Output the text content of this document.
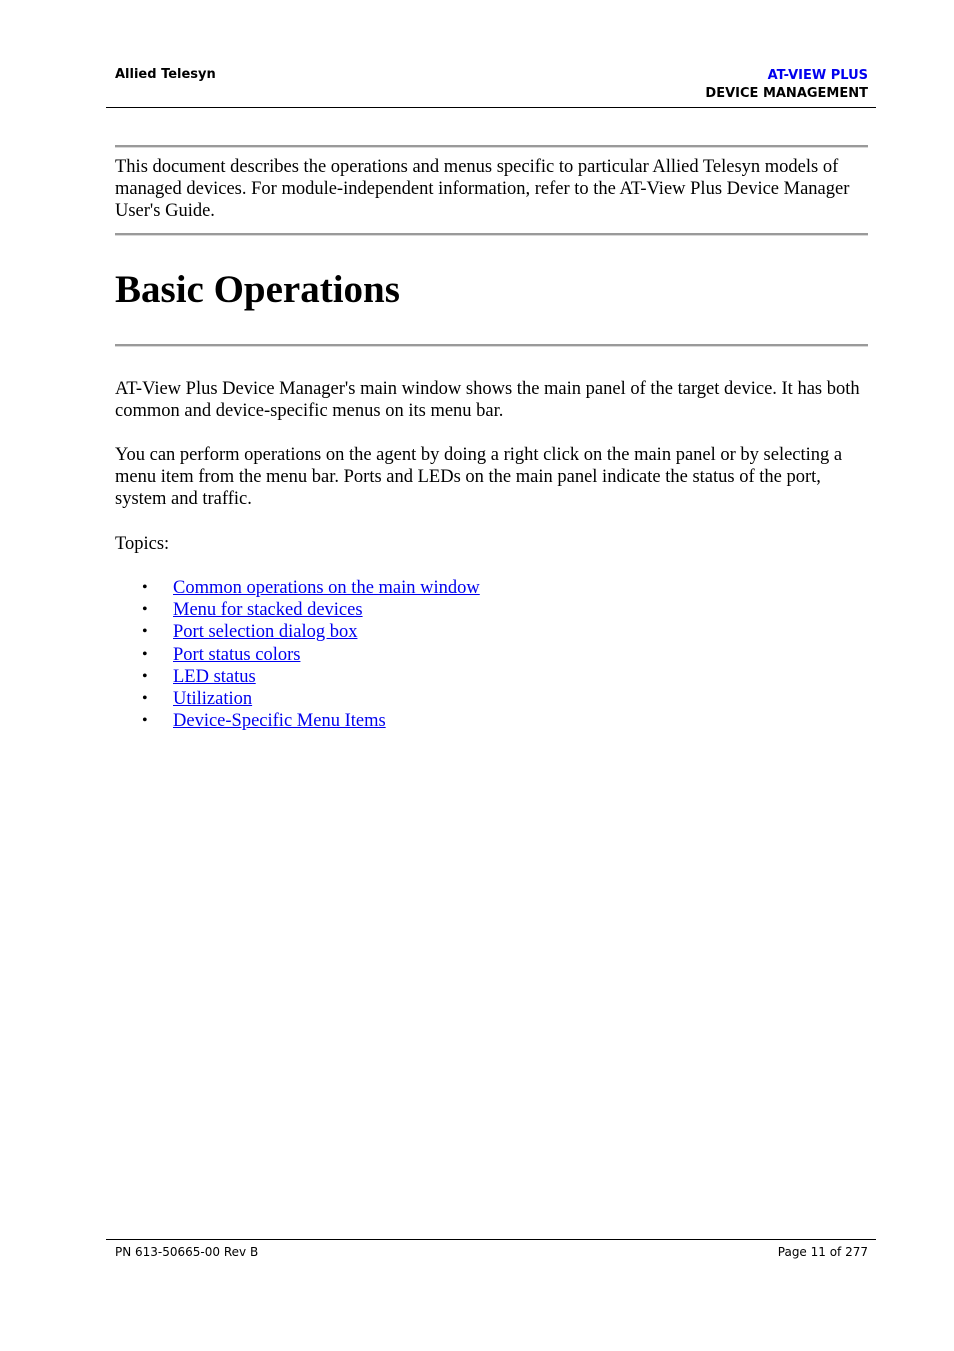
Allied Telesyn	AT-VIEW PLUS
DEVICE MANAGEMENT

This document describes the operations and menus specific to particular Allied Telesyn models of managed devices. For module-independent information, refer to the AT-View Plus Device Manager User's Guide.

Basic Operations

AT-View Plus Device Manager's main window shows the main panel of the target device. It has both common and device-specific menus on its menu bar.

You can perform operations on the agent by doing a right click on the main panel or by selecting a menu item from the menu bar. Ports and LEDs on the main panel indicate the status of the port, system and traffic.

Topics:

• Common operations on the main window
• Menu for stacked devices
• Port selection dialog box
• Port status colors
• LED status
• Utilization
• Device-Specific Menu Items
PN 613-50665-00 Rev B	Page 11 of 277
